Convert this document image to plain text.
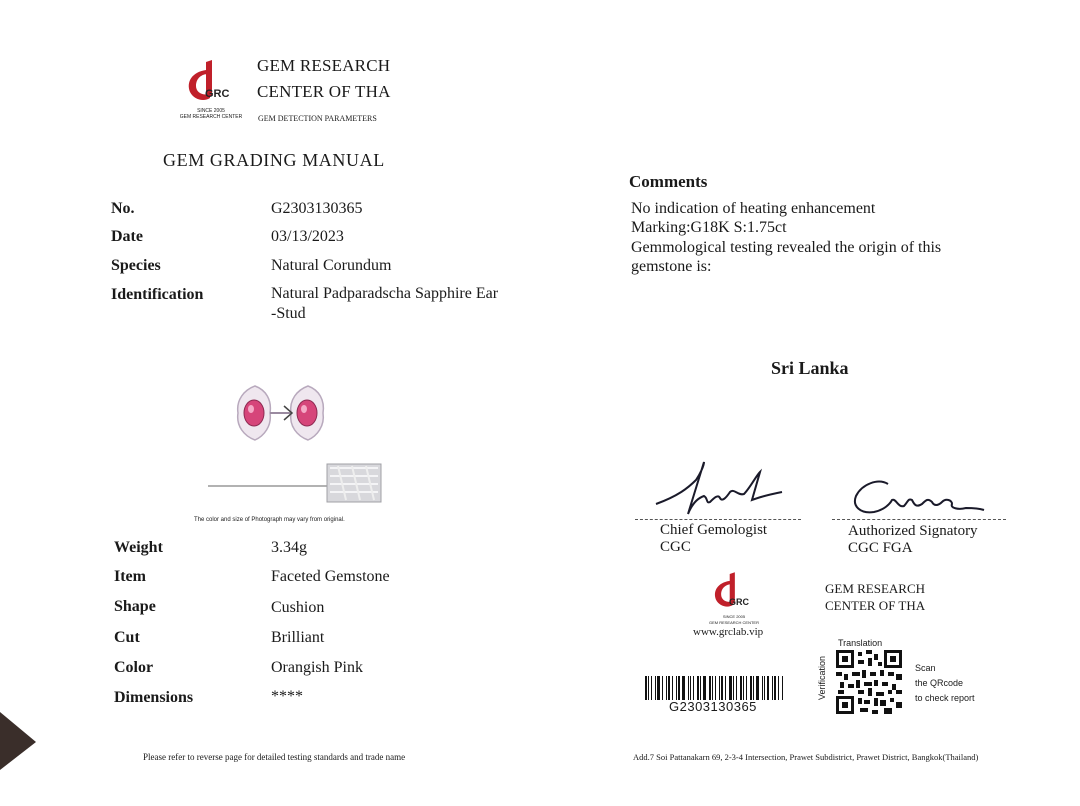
GRC
SINCE 2005
GEM RESEARCH CENTER
GEM RESEARCH
CENTER OF THA
GEM DETECTION PARAMETERS
GEM GRADING MANUAL
No.	G2303130365
Date	03/13/2023
Species	Natural Corundum
Identification	Natural Padparadscha Sapphire Ear
-Stud
The color and size of Photograph may vary from original.
Weight	3.34g
Item	Faceted Gemstone
Shape	Cushion
Cut	Brilliant
Color	Orangish Pink
Dimensions	****
Please refer to reverse page for detailed testing standards and trade name
Comments
No indication of heating enhancement
Marking:G18K S:1.75ct
Gemmological testing revealed the origin of this
gemstone is:
Sri Lanka
Chief Gemologist
CGC
Authorized Signatory
CGC FGA
GRC
SINCE 2005
GEM RESEARCH CENTER
www.grclab.vip
GEM RESEARCH
CENTER OF THA
Translation
Verification	Scan
the QRcode
to check report
G2303130365
Add.7 Soi Pattanakarn 69, 2-3-4 Intersection, Prawet Subdistrict, Prawet District, Bangkok(Thailand)
